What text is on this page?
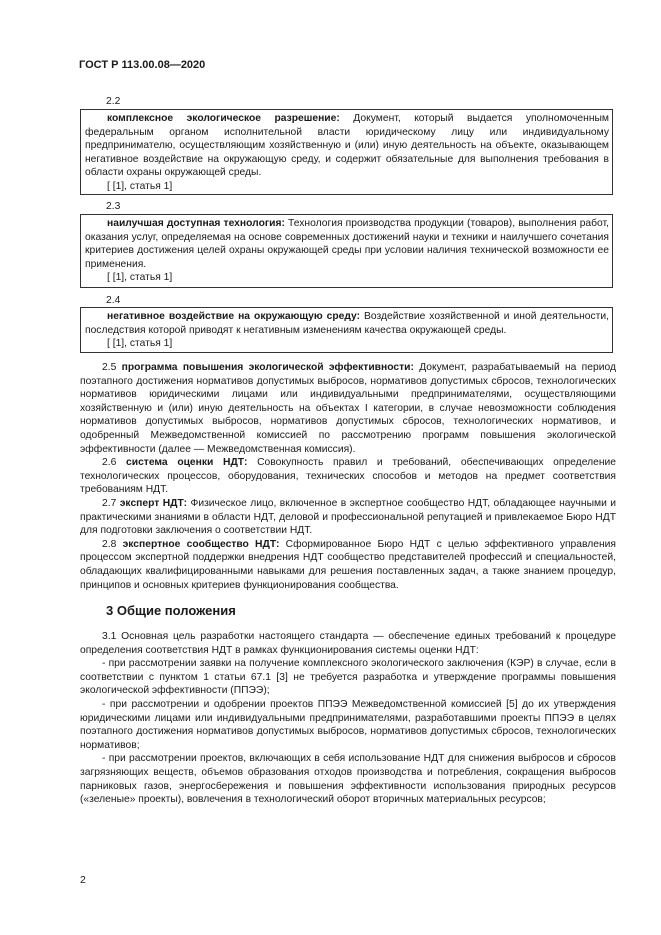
ГОСТ Р 113.00.08—2020
2.2

комплексное экологическое разрешение: Документ, который выдается уполномоченным федеральным органом исполнительной власти юридическому лицу или индивидуальному предпринимателю, осуществляющим хозяйственную и (или) иную деятельность на объекте, оказывающем негативное воздействие на окружающую среду, и содержит обязательные для выполнения требования в области охраны окружающей среды.

[ [1], статья 1]

2.3

наилучшая доступная технология: Технология производства продукции (товаров), выполнения работ, оказания услуг, определяемая на основе современных достижений науки и техники и наилучшего сочетания критериев достижения целей охраны окружающей среды при условии наличия технической возможности ее применения.

[ [1], статья 1]

2.4

негативное воздействие на окружающую среду: Воздействие хозяйственной и иной деятельности, последствия которой приводят к негативным изменениям качества окружающей среды.

[ [1], статья 1]

2.5 программа повышения экологической эффективности: Документ, разрабатываемый на период поэтапного достижения нормативов допустимых выбросов, нормативов допустимых сбросов, технологических нормативов юридическими лицами или индивидуальными предпринимателями, осуществляющими хозяйственную и (или) иную деятельность на объектах I категории, в случае невозможности соблюдения нормативов допустимых выбросов, нормативов допустимых сбросов, технологических нормативов, и одобренный Межведомственной комиссией по рассмотрению программ повышения экологической эффективности (далее — Межведомственная комиссия).

2.6 система оценки НДТ: Совокупность правил и требований, обеспечивающих определение технологических процессов, оборудования, технических способов и методов на предмет соответствия требованиям НДТ.

2.7 эксперт НДТ: Физическое лицо, включенное в экспертное сообщество НДТ, обладающее научными и практическими знаниями в области НДТ, деловой и профессиональной репутацией и привлекаемое Бюро НДТ для подготовки заключения о соответствии НДТ.

2.8 экспертное сообщество НДТ: Сформированное Бюро НДТ с целью эффективного управления процессом экспертной поддержки внедрения НДТ сообщество представителей профессий и специальностей, обладающих квалифицированными навыками для решения поставленных задач, а также знанием процедур, принципов и основных критериев функционирования сообщества.

3 Общие положения

3.1 Основная цель разработки настоящего стандарта — обеспечение единых требований к процедуре определения соответствия НДТ в рамках функционирования системы оценки НДТ:

- при рассмотрении заявки на получение комплексного экологического заключения (КЭР) в случае, если в соответствии с пунктом 1 статьи 67.1 [3] не требуется разработка и утверждение программы повышения экологической эффективности (ППЭЭ);

- при рассмотрении и одобрении проектов ППЭЭ Межведомственной комиссией [5] до их утверждения юридическими лицами или индивидуальными предпринимателями, разработавшими проекты ППЭЭ в целях поэтапного достижения нормативов допустимых выбросов, нормативов допустимых сбросов, технологических нормативов;

- при рассмотрении проектов, включающих в себя использование НДТ для снижения выбросов и сбросов загрязняющих веществ, объемов образования отходов производства и потребления, сокращения выбросов парниковых газов, энергосбережения и повышения эффективности использования природных ресурсов («зеленые» проекты), вовлечения в технологический оборот вторичных материальных ресурсов;

2
